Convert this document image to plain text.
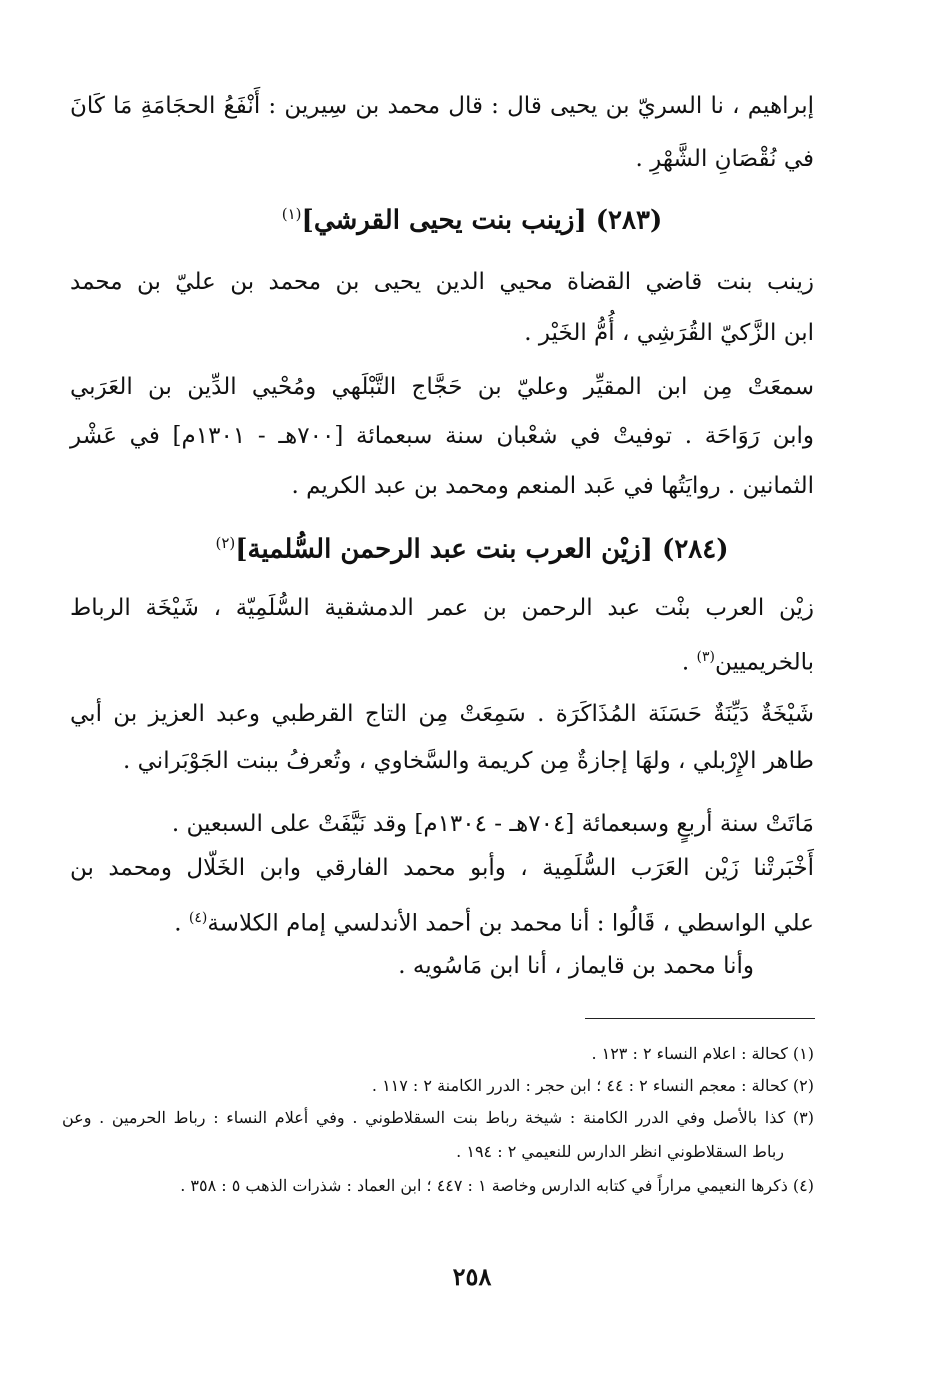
إبراهيم ، نا السريّ بن يحيى قال : قال محمد بن سِيرين : أَنْفَعُ الحجَامَةِ مَا كَانَ
في نُقْصَانِ الشَّهْرِ .
(٢٨٣) [زينب بنت يحيى القرشي]$^{(١)}$
زينب بنت قاضي القضاة محيي الدين يحيى بن محمد بن عليّ بن محمد
ابن الزَّكيّ القُرَشِي ، أُمُّ الخَيْر .
سمعَتْ مِن ابن المقيِّر وعليّ بن حَجَّاج التَّبْلَهي ومُحْيي الدِّين بن العَرَبي
وابن رَوَاحَة . توفيتْ في شعْبان سنة سبعمائة [٧٠٠هـ - ١٣٠١م] في عَشْر
الثمانين . روايَتُها في عَبد المنعم ومحمد بن عبد الكريم .
(٢٨٤) [زيْن العرب بنت عبد الرحمن السُّلمية]$^{(٢)}$
زيْن العرب بنْت عبد الرحمن بن عمر الدمشقية السُّلَمِيّة ، شَيْخَة الرباط
بالخريميين$^{(٣)}$ .
شَيْخَةٌ دَيِّنَةٌ حَسَنَة المُذَاكَرَة . سَمِعَتْ مِن التاج القرطبي وعبد العزيز بن أبي
طاهر الإِرْبلي ، ولهَا إجازةٌ مِن كريمة والسَّخاوي ، وتُعرفُ ببنت الجَوْبَراني .
مَاتَتْ سنة أربعٍ وسبعمائة [٧٠٤هـ - ١٣٠٤م] وقد نَيَّفَتْ على السبعين .
أَخْبَرتْنا زَيْن العَرَب السُّلَمِية ، وأبو محمد الفارقي وابن الخَلّال ومحمد بن
علي الواسطي ، قَالُوا : أنا محمد بن أحمد الأندلسي إمام الكلاسة$^{(٤)}$ .
وأنا محمد بن قايماز ، أنا ابن مَاسُويه .
(١) كحالة : اعلام النساء ٢ : ١٢٣ .
(٢) كحالة : معجم النساء ٢ : ٤٤ ؛ ابن حجر : الدرر الكامنة ٢ : ١١٧ .
(٣) كذا بالأصل وفي الدرر الكامنة : شيخة رباط بنت السقلاطوني . وفي أعلام النساء : رباط الحرمين . وعن
رباط السقلاطوني انظر الدارس للنعيمي ٢ : ١٩٤ .
(٤) ذكرها النعيمي مراراً في كتابه الدارس وخاصة ١ : ٤٤٧ ؛ ابن العماد : شذرات الذهب ٥ : ٣٥٨ .
٢٥٨
